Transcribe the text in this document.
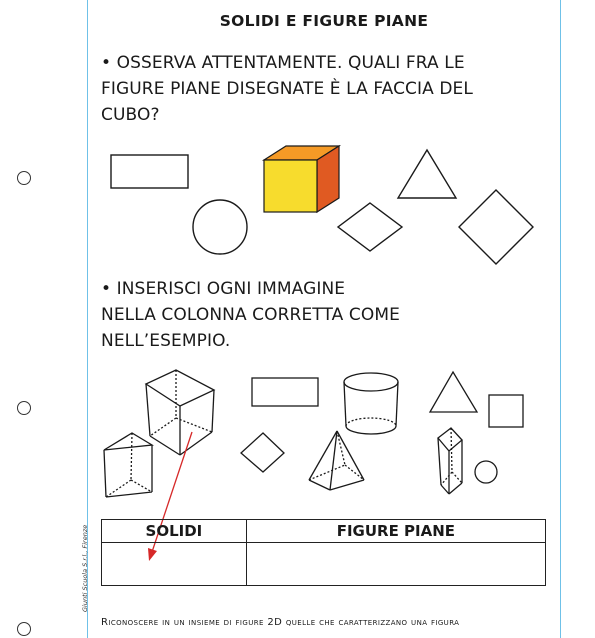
Giunti Scuola S.r.l., Firenze
SOLIDI E FIGURE PIANE

• OSSERVA ATTENTAMENTE. QUALI FRA LE

FIGURE PIANE DISEGNATE È LA FACCIA DEL

CUBO?

• INSERISCI OGNI IMMAGINE

NELLA COLONNA CORRETTA COME

NELL’ESEMPIO.

SOLIDI	FIGURE PIANE

Riconoscere in un insieme di figure 2D quelle che caratterizzano una figura
